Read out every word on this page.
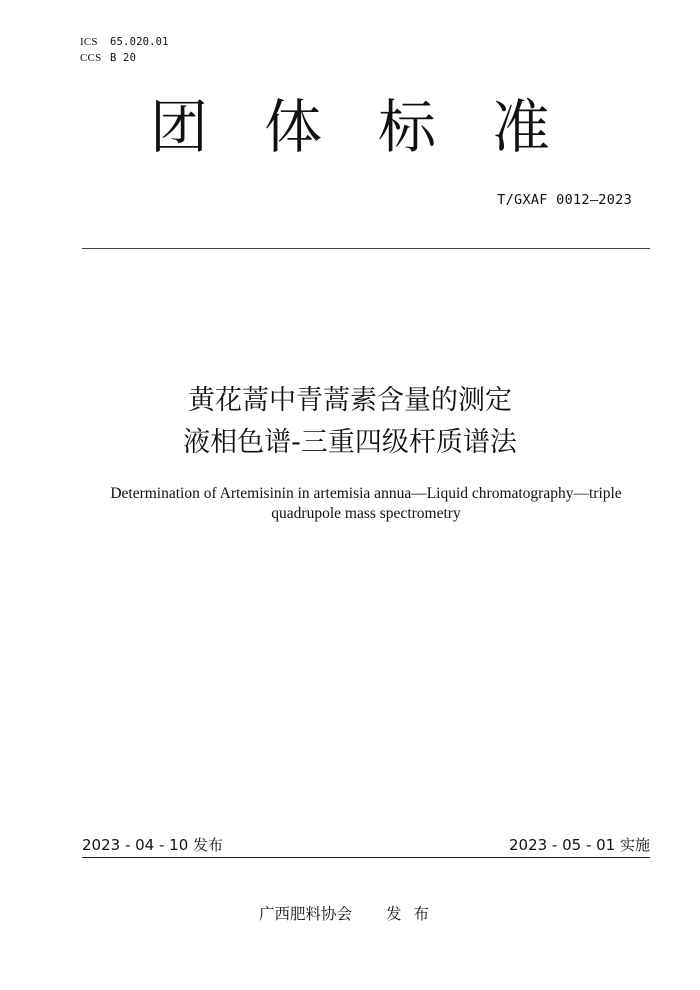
ICS 65.020.01
CCS B 20
团体标准
T/GXAF 0012—2023
黄花蒿中青蒿素含量的测定
液相色谱-三重四级杆质谱法
Determination of Artemisinin in artemisia annua—Liquid chromatography—triple
quadrupole mass spectrometry
2023 - 04 - 10 发布	2023 - 05 - 01 实施
广西肥料协会 发布
